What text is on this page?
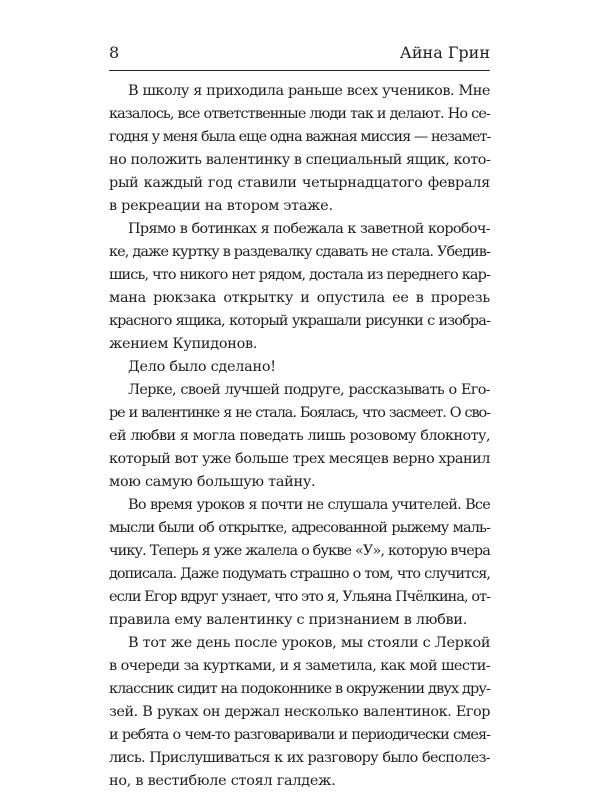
8	Айна Грин

В школу я приходила раньше всех учеников. Мне
казалось, все ответственные люди так и делают. Но се-
годня у меня была еще одна важная миссия — незамет-
но положить валентинку в специальный ящик, кото-
рый каждый год ставили четырнадцатого февраля
в рекреации на втором этаже.

Прямо в ботинках я побежала к заветной коробоч-
ке, даже куртку в раздевалку сдавать не стала. Убедив-
шись, что никого нет рядом, достала из переднего кар-
мана рюкзака открытку и опустила ее в прорезь
красного ящика, который украшали рисунки с изобра-
жением Купидонов.

Дело было сделано!

Лерке, своей лучшей подруге, рассказывать о Его-
ре и валентинке я не стала. Боялась, что засмеет. О сво-
ей любви я могла поведать лишь розовому блокноту,
который вот уже больше трех месяцев верно хранил
мою самую большую тайну.

Во время уроков я почти не слушала учителей. Все
мысли были об открытке, адресованной рыжему маль-
чику. Теперь я уже жалела о букве «У», которую вчера
дописала. Даже подумать страшно о том, что случится,
если Егор вдруг узнает, что это я, Ульяна Пчёлкина, от-
правила ему валентинку с признанием в любви.

В тот же день после уроков, мы стояли с Леркой
в очереди за куртками, и я заметила, как мой шести-
классник сидит на подоконнике в окружении двух дру-
зей. В руках он держал несколько валентинок. Егор
и ребята о чем-то разговаривали и периодически смея-
лись. Прислушиваться к их разговору было бесполез-
но, в вестибюле стоял галдеж.
